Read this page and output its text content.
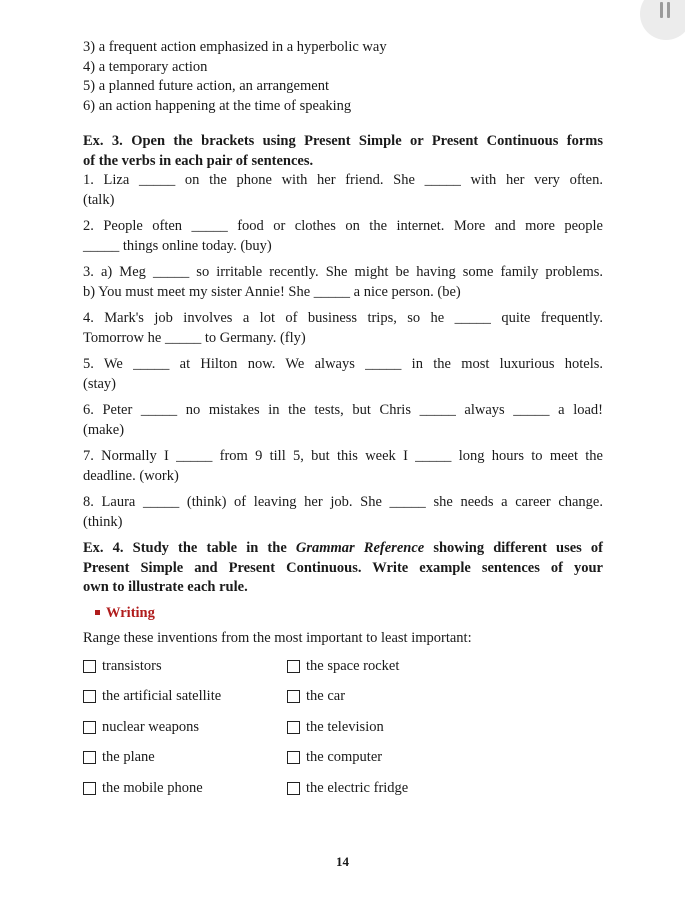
3) a frequent action emphasized in a hyperbolic way
4) a temporary action
5) a planned future action, an arrangement
6) an action happening at the time of speaking
Ex. 3. Open the brackets using Present Simple or Present Continuous forms
of the verbs in each pair of sentences.
1. Liza _____ on the phone with her friend. She _____ with her very often.
(talk)
2. People often _____ food or clothes on the internet. More and more people
_____ things online today. (buy)
3. a) Meg _____ so irritable recently. She might be having some family problems.
b) You must meet my sister Annie! She _____ a nice person. (be)
4. Mark's job involves a lot of business trips, so he _____ quite frequently.
Tomorrow he _____ to Germany. (fly)
5. We _____ at Hilton now. We always _____ in the most luxurious hotels.
(stay)
6. Peter _____ no mistakes in the tests, but Chris _____ always _____ a load!
(make)
7. Normally I _____ from 9 till 5, but this week I _____ long hours to meet the
deadline. (work)
8. Laura _____ (think) of leaving her job. She _____ she needs a career change.
(think)
Ex. 4. Study the table in the Grammar Reference showing different uses of
Present Simple and Present Continuous. Write example sentences of your
own to illustrate each rule.
Writing
Range these inventions from the most important to least important:
transistors	the space rocket
the artificial satellite	the car
nuclear weapons	the television
the plane	the computer
the mobile phone	the electric fridge
14
